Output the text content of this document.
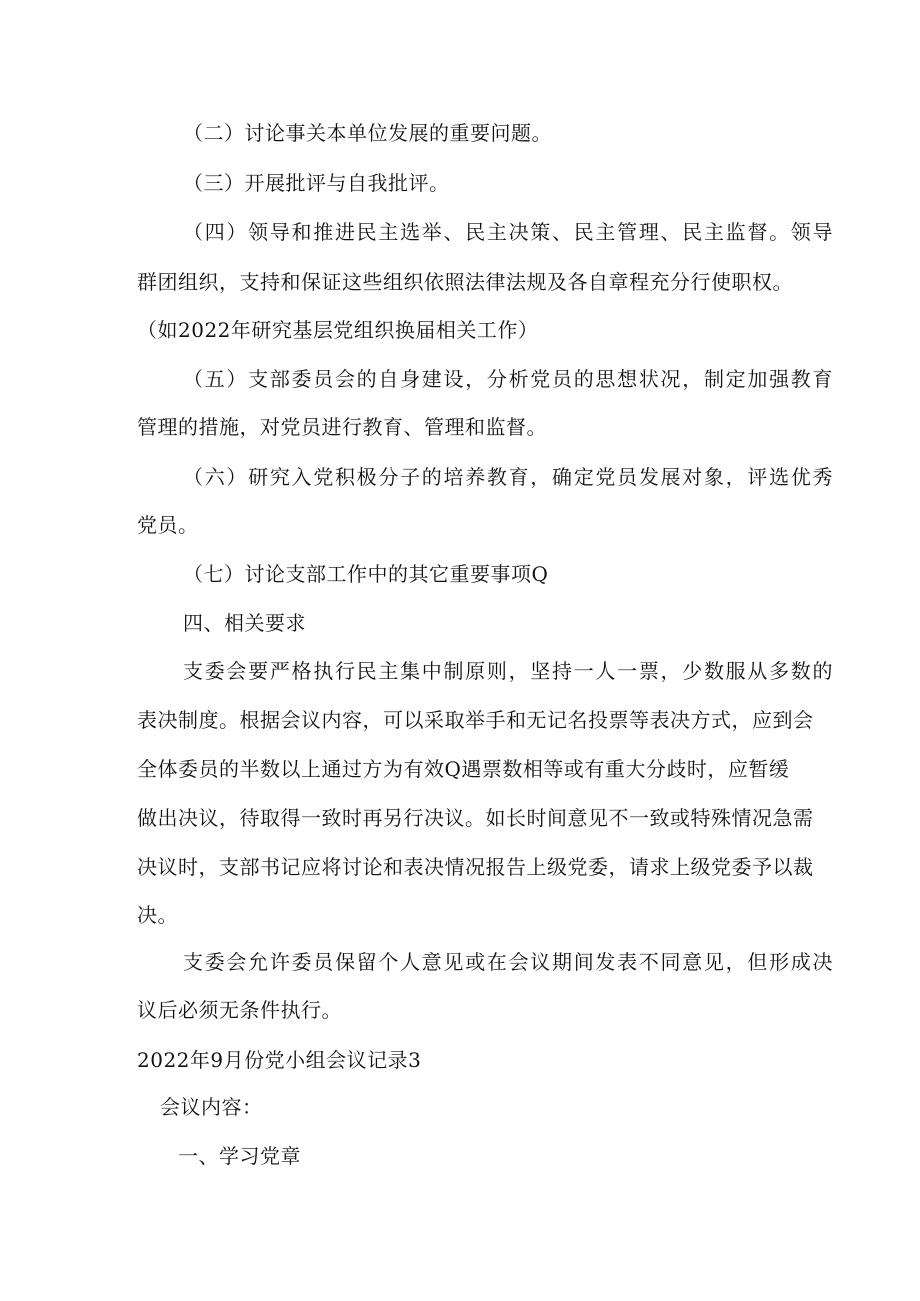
（二）讨论事关本单位发展的重要问题。
（三）开展批评与自我批评。
（四）领导和推进民主选举、民主决策、民主管理、民主监督。领导
群团组织，支持和保证这些组织依照法律法规及各自章程充分行使职权。
（如2022年研究基层党组织换届相关工作）
（五）支部委员会的自身建设，分析党员的思想状况，制定加强教育
管理的措施，对党员进行教育、管理和监督。
（六）研究入党积极分子的培养教育，确定党员发展对象，评选优秀
党员。
（七）讨论支部工作中的其它重要事项Q
四、相关要求
支委会要严格执行民主集中制原则，坚持一人一票，少数服从多数的
表决制度。根据会议内容，可以采取举手和无记名投票等表决方式，应到会
全体委员的半数以上通过方为有效Q遇票数相等或有重大分歧时，应暂缓
做出决议，待取得一致时再另行决议。如长时间意见不一致或特殊情况急需
决议时，支部书记应将讨论和表决情况报告上级党委，请求上级党委予以裁
决。
支委会允许委员保留个人意见或在会议期间发表不同意见，但形成决
议后必须无条件执行。
2022年9月份党小组会议记录3
会议内容：
一、学习党章
